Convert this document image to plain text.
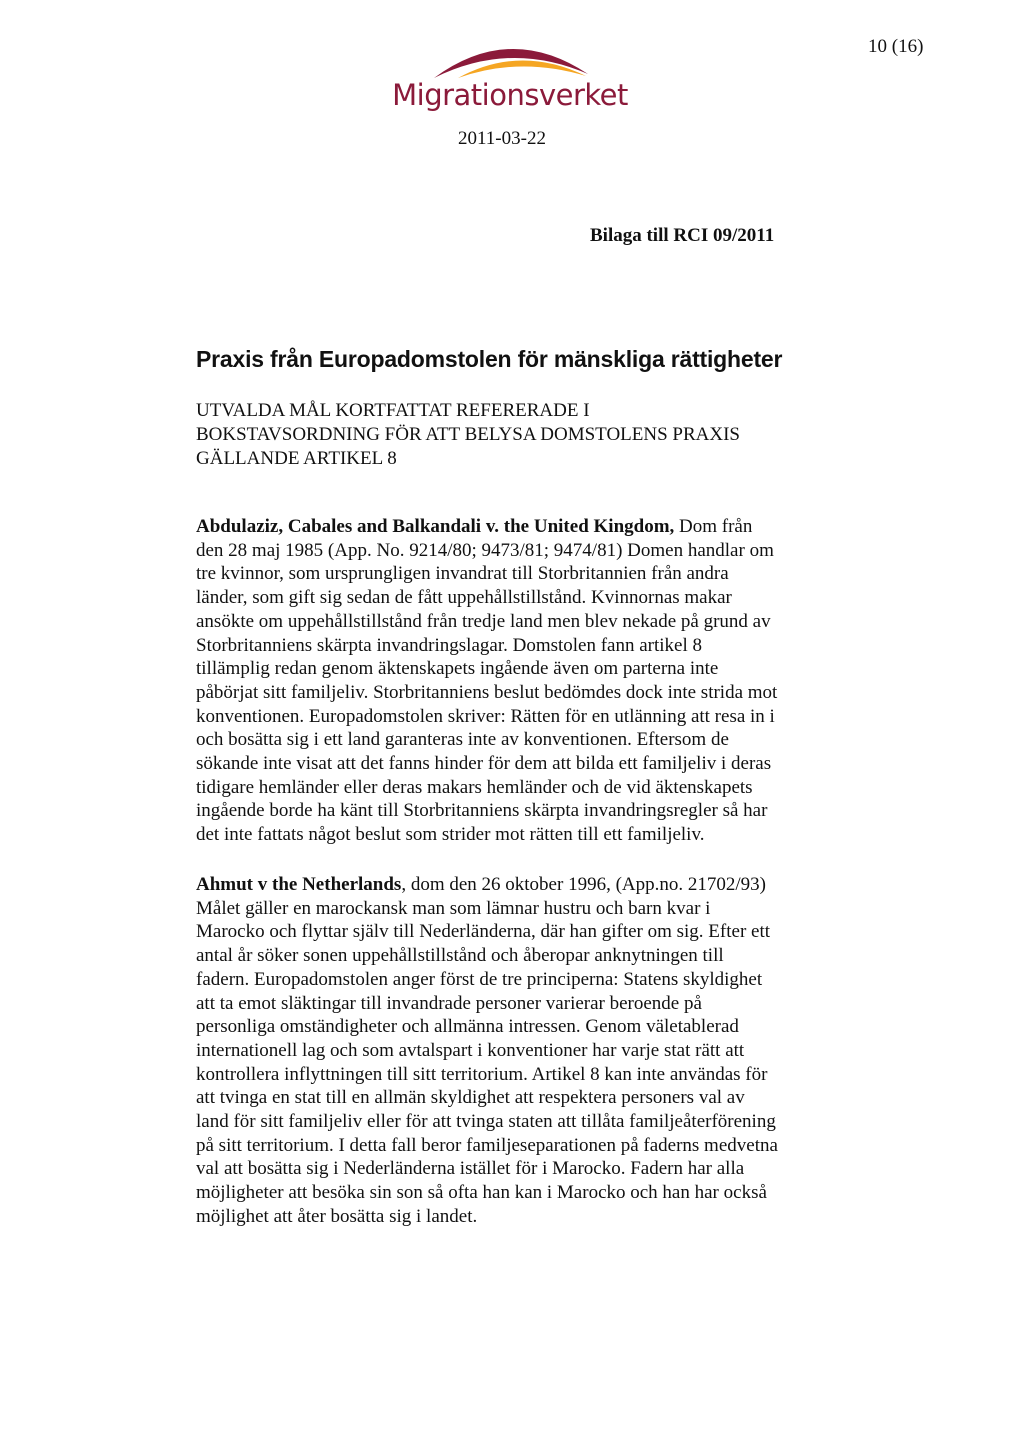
10 (16)
Migrationsverket
2011-03-22
Bilaga till RCI 09/2011
Praxis från Europadomstolen för mänskliga rättigheter
UTVALDA MÅL KORTFATTAT REFERERADE I
BOKSTAVSORDNING FÖR ATT BELYSA DOMSTOLENS PRAXIS
GÄLLANDE ARTIKEL 8
Abdulaziz, Cabales and Balkandali v. the United Kingdom, Dom från
den 28 maj 1985 (App. No. 9214/80; 9473/81; 9474/81) Domen handlar om
tre kvinnor, som ursprungligen invandrat till Storbritannien från andra
länder, som gift sig sedan de fått uppehållstillstånd. Kvinnornas makar
ansökte om uppehållstillstånd från tredje land men blev nekade på grund av
Storbritanniens skärpta invandringslagar. Domstolen fann artikel 8
tillämplig redan genom äktenskapets ingående även om parterna inte
påbörjat sitt familjeliv. Storbritanniens beslut bedömdes dock inte strida mot
konventionen. Europadomstolen skriver: Rätten för en utlänning att resa in i
och bosätta sig i ett land garanteras inte av konventionen. Eftersom de
sökande inte visat att det fanns hinder för dem att bilda ett familjeliv i deras
tidigare hemländer eller deras makars hemländer och de vid äktenskapets
ingående borde ha känt till Storbritanniens skärpta invandringsregler så har
det inte fattats något beslut som strider mot rätten till ett familjeliv.
Ahmut v the Netherlands, dom den 26 oktober 1996, (App.no. 21702/93)
Målet gäller en marockansk man som lämnar hustru och barn kvar i
Marocko och flyttar själv till Nederländerna, där han gifter om sig. Efter ett
antal år söker sonen uppehållstillstånd och åberopar anknytningen till
fadern. Europadomstolen anger först de tre principerna: Statens skyldighet
att ta emot släktingar till invandrade personer varierar beroende på
personliga omständigheter och allmänna intressen. Genom väletablerad
internationell lag och som avtalspart i konventioner har varje stat rätt att
kontrollera inflyttningen till sitt territorium. Artikel 8 kan inte användas för
att tvinga en stat till en allmän skyldighet att respektera personers val av
land för sitt familjeliv eller för att tvinga staten att tillåta familjeåterförening
på sitt territorium. I detta fall beror familjeseparationen på faderns medvetna
val att bosätta sig i Nederländerna istället för i Marocko. Fadern har alla
möjligheter att besöka sin son så ofta han kan i Marocko och han har också
möjlighet att åter bosätta sig i landet.
